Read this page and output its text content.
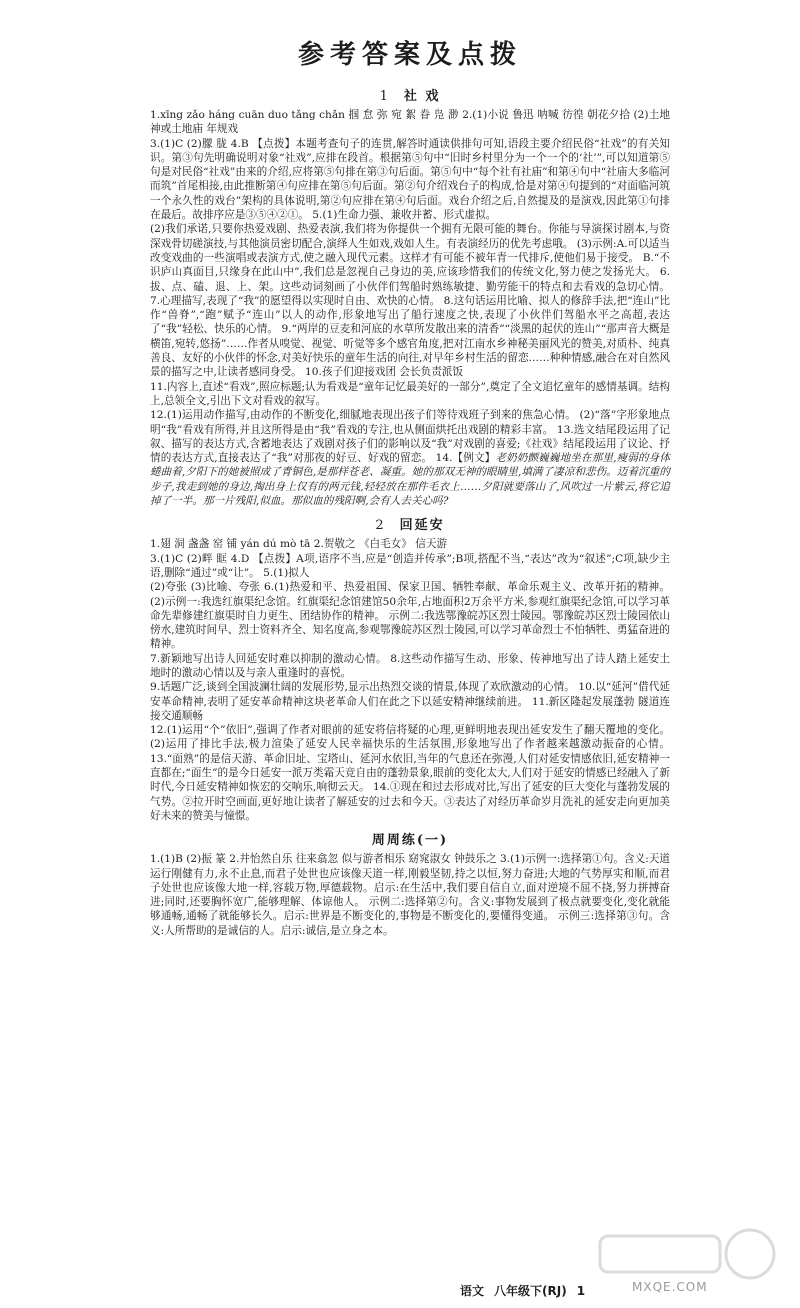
参考答案及点拨
1 社 戏

1.xīng zǎo háng cuān duo tǎng chǎn 掴 怠 弥 宛 絮 眷 凫 渺 2.(1)小说 鲁迅 呐喊 彷徨 朝花夕拾 (2)土地神或土地庙 年规戏

3.(1)C (2)朦 胧 4.B 【点拨】本题考查句子的连贯,解答时通读供排句可知,语段主要介绍民俗“社戏”的有关知识。第③句先明确说明对象“社戏”,应排在段首。根据第⑤句中“旧时乡村里分为一个一个的‘社’”,可以知道第⑤句是对民俗“社戏”由来的介绍,应将第⑤句排在第③句后面。第⑤句中“每个社有社庙”和第④句中“社庙大多临河而筑”首尾相接,由此推断第④句应排在第⑤句后面。第②句介绍戏台子的构成,恰是对第④句提到的“对面临河筑一个永久性的戏台”架构的具体说明,第②句应排在第④句后面。戏台介绍之后,自然提及的是演戏,因此第①句排在最后。故排序应是③⑤④②①。 5.(1)生命力强、兼收并蓄、形式虚拟。

(2)我们承诺,只要你热爱戏剧、热爱表演,我们将为你提供一个拥有无限可能的舞台。你能与导演探讨剧本,与资深戏骨切磋演技,与其他演员密切配合,演绎人生如戏,戏如人生。有表演经历的优先考虑哦。 (3)示例:A.可以适当改变戏曲的一些演唱或表演方式,使之融入现代元素。这样才有可能不被年青一代排斥,使他们易于接受。 B.“不识庐山真面目,只缘身在此山中”,我们总是忽视自己身边的美,应该珍惜我们的传统文化,努力使之发扬光大。 6.拔、点、磕、退、上、架。这些动词刻画了小伙伴们驾船时熟练敏捷、勤劳能干的特点和去看戏的急切心情。 7.心理描写,表现了“我”的愿望得以实现时自由、欢快的心情。 8.这句话运用比喻、拟人的修辞手法,把“连山”比作“兽脊”,“跑”赋予“连山”以人的动作,形象地写出了船行速度之快,表现了小伙伴们驾船水平之高超,表达了“我”轻松、快乐的心情。 9.“两岸的豆麦和河底的水草所发散出来的清香”“淡黑的起伏的连山”“那声音大概是横笛,宛转,悠扬”……作者从嗅觉、视觉、听觉等多个感官角度,把对江南水乡神秘美丽风光的赞美,对质朴、纯真善良、友好的小伙伴的怀念,对美好快乐的童年生活的向往,对早年乡村生活的留恋……种种情感,融合在对自然风景的描写之中,让读者感同身受。 10.孩子们迎接戏团 会长负责派饭

11.内容上,直述“看戏”,照应标题;认为看戏是“童年记忆最美好的一部分”,奠定了全文追忆童年的感情基调。结构上,总领全文,引出下文对看戏的叙写。

12.(1)运用动作描写,由动作的不断变化,细腻地表现出孩子们等待戏班子到来的焦急心情。 (2)“落”字形象地点明“我”看戏有所得,并且这所得是由“我”看戏的专注,也从侧面烘托出戏剧的精彩丰富。 13.选文结尾段运用了记叙、描写的表达方式,含蓄地表达了戏剧对孩子们的影响以及“我”对戏剧的喜爱;《社戏》结尾段运用了议论、抒情的表达方式,直接表达了“我”对那夜的好豆、好戏的留恋。 14.【例文】老奶奶颤巍巍地坐在那里,瘦弱的身体蜷曲着,夕阳下的她被照成了青铜色,是那样苍老、凝重。她的那双无神的眼睛里,填满了凄凉和悲伤。迈着沉重的步子,我走到她的身边,掏出身上仅有的两元钱,轻轻放在那件毛衣上……夕阳就要落山了,风吹过一片紫云,将它追掉了一半。那一片残阳,似血。那似血的残阳啊,会有人去关心吗?

2 回延安

1.翅 洞 盏盏 窑 铺 yán dú mò tā 2.贺敬之 《白毛女》 信天游

3.(1)C (2)畔 眶 4.D 【点拨】A项,语序不当,应是“创造并传承”;B项,搭配不当,“表达”改为“叙述”;C项,缺少主语,删除“通过”或“让”。 5.(1)拟人

(2)夸张 (3)比喻、夸张 6.(1)热爱和平、热爱祖国、保家卫国、牺牲奉献、革命乐观主义、改革开拓的精神。 (2)示例一:我选红旗渠纪念馆。红旗渠纪念馆建馆50余年,占地面积2万余平方米,参观红旗渠纪念馆,可以学习革命先辈修建红旗渠时自力更生、团结协作的精神。 示例二:我选鄂豫皖苏区烈士陵园。鄂豫皖苏区烈士陵园依山傍水,建筑时间早、烈士资料齐全、知名度高,参观鄂豫皖苏区烈士陵园,可以学习革命烈士不怕牺牲、勇猛奋进的精神。

7.新颖地写出诗人回延安时难以抑制的激动心情。 8.这些动作描写生动、形象、传神地写出了诗人踏上延安土地时的激动心情以及与亲人重逢时的喜悦。

9.话题广泛,谈到全国波澜壮阔的发展形势,显示出热烈交谈的情景,体现了欢欣激动的心情。 10.以“延河”借代延安革命精神,表明了延安革命精神这块老革命人们在此之下以延安精神继续前进。 11.新区隆起发展蓬勃 隧道连接交通顺畅

12.(1)运用“个”依旧”,强调了作者对眼前的延安将信将疑的心理,更鲜明地表现出延安发生了翻天覆地的变化。 (2)运用了排比手法,极力渲染了延安人民幸福快乐的生活氛围,形象地写出了作者越来越激动振奋的心情。 13.“面熟”的是信天游、革命旧址、宝塔山、延河水依旧,当年的气息还在弥漫,人们对延安情感依旧,延安精神一直都在;“面生”的是今日延安一派万类霜天竞自由的蓬勃景象,眼前的变化太大,人们对于延安的情感已经融入了新时代,今日延安精神如恢宏的交响乐,响彻云天。 14.①现在和过去形成对比,写出了延安的巨大变化与蓬勃发展的气势。②拉开时空画面,更好地让读者了解延安的过去和今天。③表达了对经历革命岁月洗礼的延安走向更加美好未来的赞美与憧憬。

周周练(一)

1.(1)B (2)振 篆 2.井怡然自乐 往来翕忽 似与游者相乐 窈窕淑女 钟鼓乐之 3.(1)示例一:选择第①句。含义:天道运行刚健有力,永不止息,而君子处世也应该像天道一样,刚毅坚韧,持之以恒,努力奋进;大地的气势厚实和顺,而君子处世也应该像大地一样,容载万物,厚德载物。启示:在生活中,我们要自信自立,面对逆境不屈不挠,努力拼搏奋进;同时,还要胸怀宽广,能够理解、体谅他人。 示例二:选择第②句。含义:事物发展到了极点就要变化,变化就能够通畅,通畅了就能够长久。启示:世界是不断变化的,事物是不断变化的,要懂得变通。 示例三:选择第③句。含义:人所帮助的是诚信的人。启示:诚信,是立身之本。

MXQE.COM
语文 八年级下(RJ) 1
